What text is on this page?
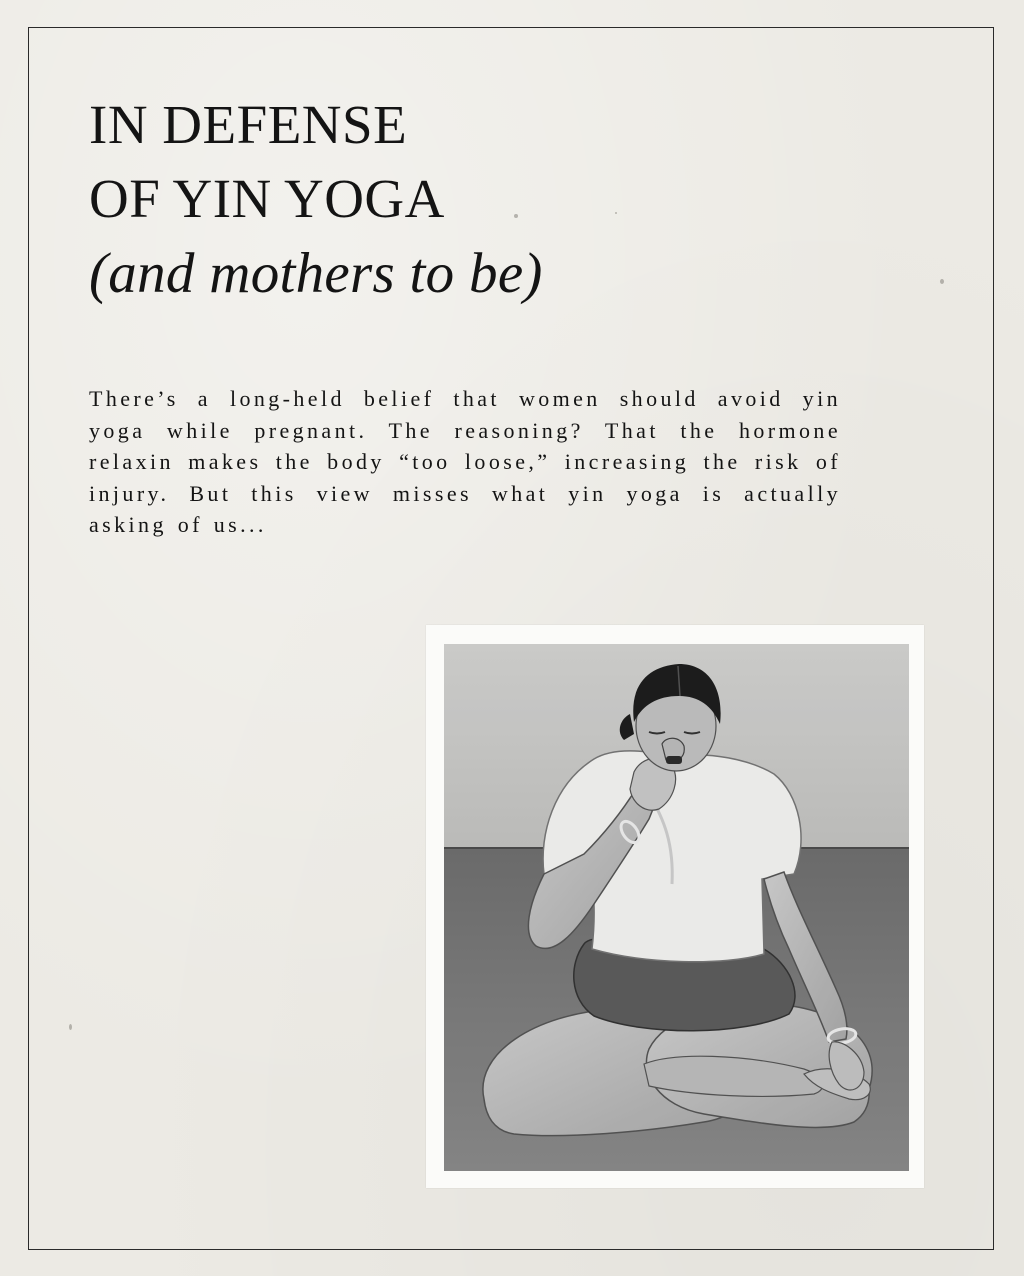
IN DEFENSE
OF YIN YOGA
(and mothers to be)

There’s a long-held belief that women should avoid yin yoga while pregnant. The reasoning? That the hormone relaxin makes the body “too loose,” increasing the risk of injury. But this view misses what yin yoga is actually asking of us...
